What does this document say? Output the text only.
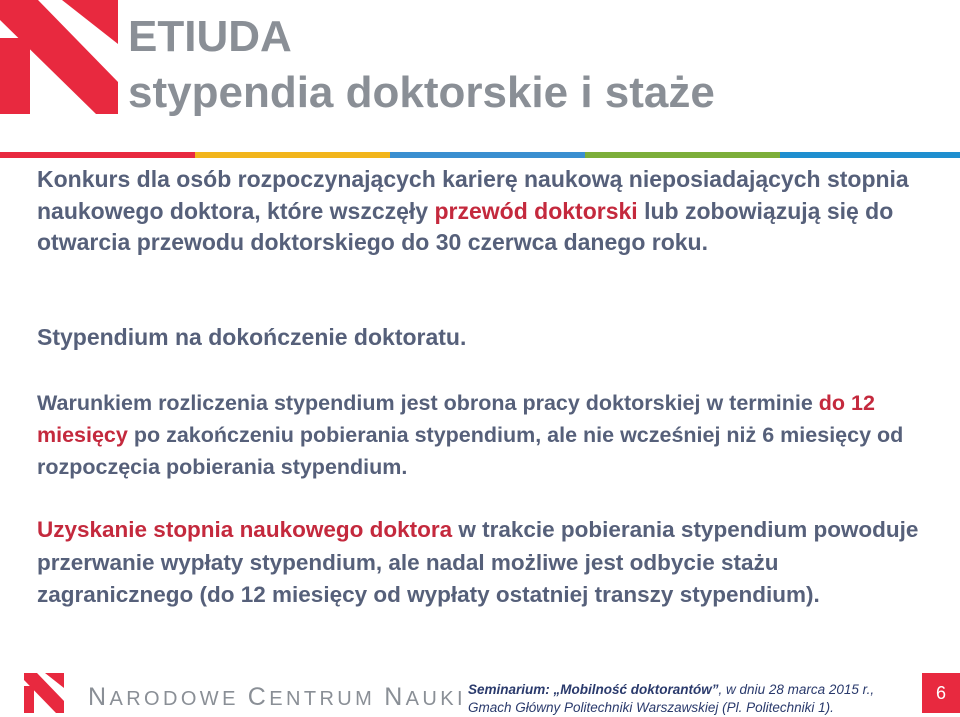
ETIUDA
stypendia doktorskie i staże
Konkurs dla osób rozpoczynających karierę naukową nieposiadających stopnia naukowego doktora, które wszczęły przewód doktorski lub zobowiązują się do otwarcia przewodu doktorskiego do 30 czerwca danego roku.
Stypendium na dokończenie doktoratu.
Warunkiem rozliczenia stypendium jest obrona pracy doktorskiej w terminie do 12 miesięcy po zakończeniu pobierania stypendium, ale nie wcześniej niż 6 miesięcy od rozpoczęcia pobierania stypendium.
Uzyskanie stopnia naukowego doktora w trakcie pobierania stypendium powoduje przerwanie wypłaty stypendium, ale nadal możliwe jest odbycie stażu zagranicznego (do 12 miesięcy od wypłaty ostatniej transzy stypendium).
NARODOWE CENTRUM NAUKI Seminarium: „Mobilność doktorantów”, w dniu 28 marca 2015 r., Gmach Główny Politechniki Warszawskiej (Pl. Politechniki 1).
6
